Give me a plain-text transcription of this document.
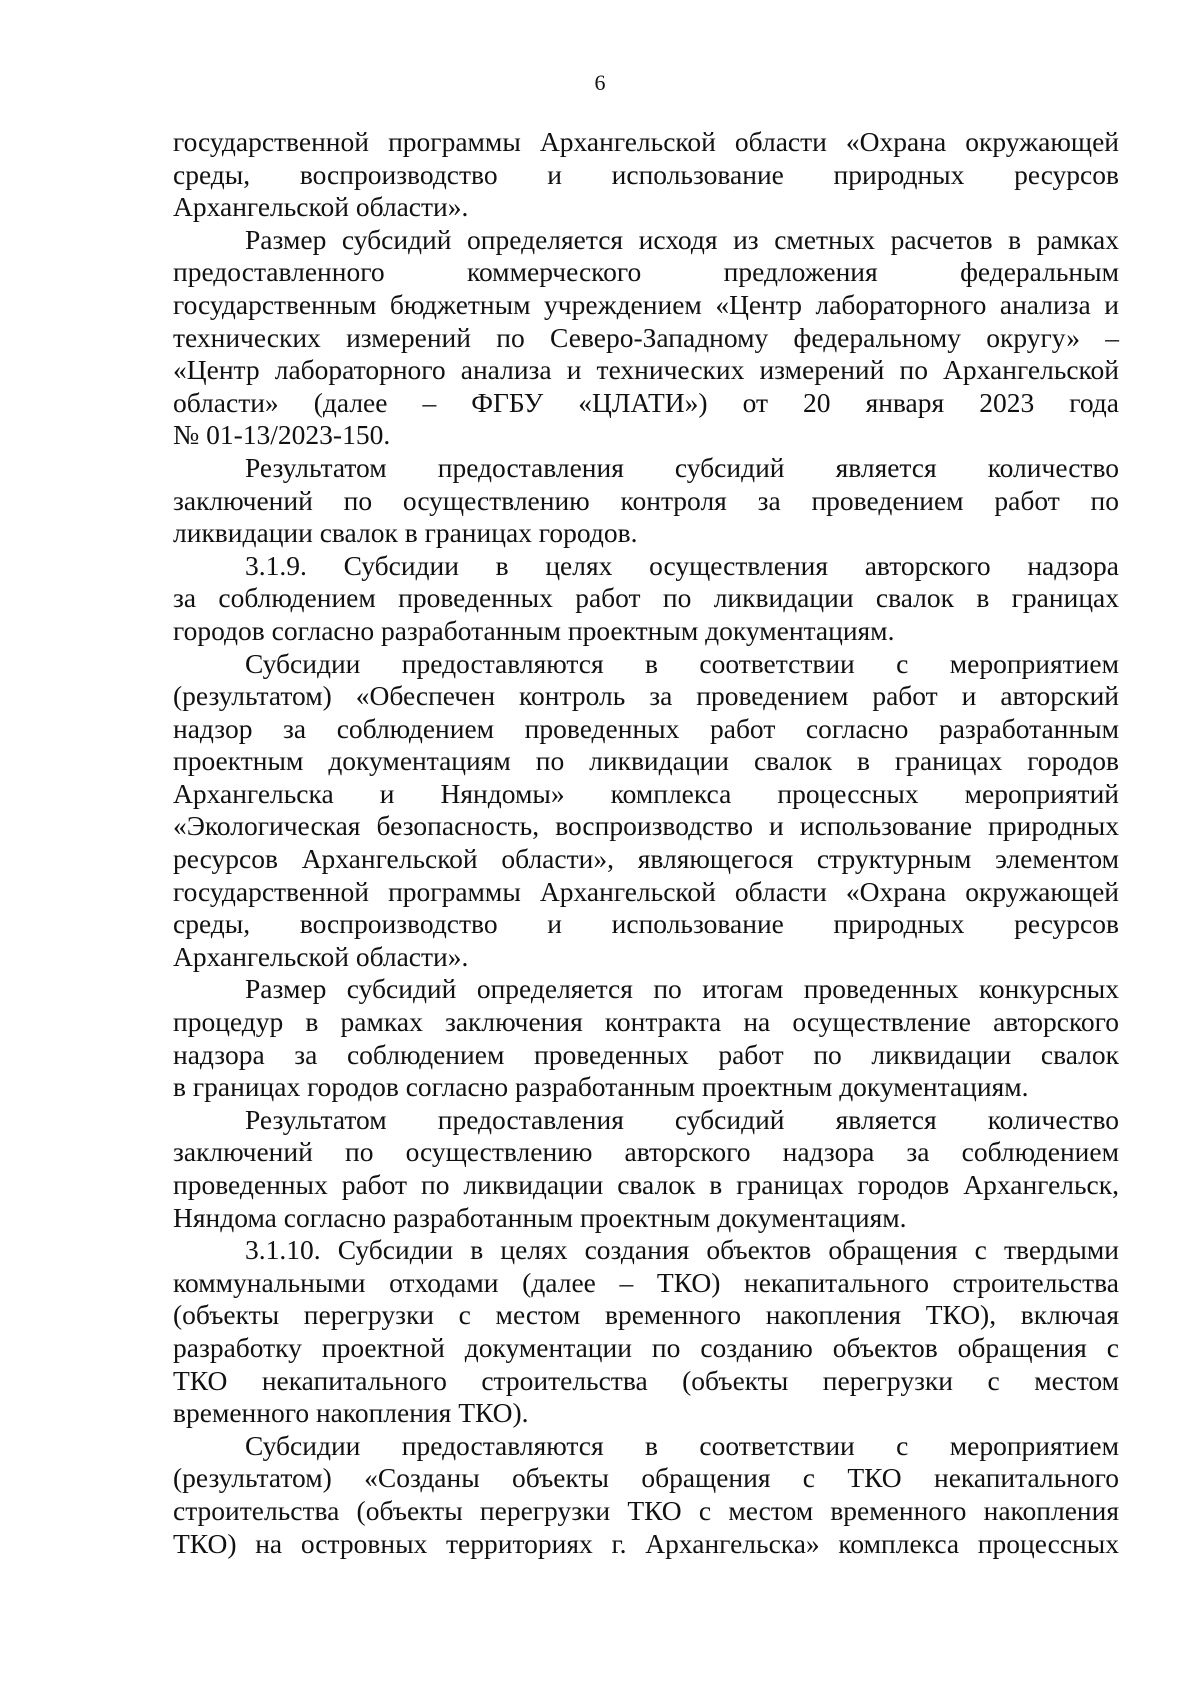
6
государственной программы Архангельской области «Охрана окружающей
среды, воспроизводство и использование природных ресурсов
Архангельской области».
Размер субсидий определяется исходя из сметных расчетов в рамках
предоставленного коммерческого предложения федеральным
государственным бюджетным учреждением «Центр лабораторного анализа и
технических измерений по Северо-Западному федеральному округу» –
«Центр лабораторного анализа и технических измерений по Архангельской
области» (далее – ФГБУ «ЦЛАТИ») от 20 января 2023 года
№ 01-13/2023-150.
Результатом предоставления субсидий является количество
заключений по осуществлению контроля за проведением работ по
ликвидации свалок в границах городов.
3.1.9. Субсидии в целях осуществления авторского надзора
за соблюдением проведенных работ по ликвидации свалок в границах
городов согласно разработанным проектным документациям.
Субсидии предоставляются в соответствии с мероприятием
(результатом) «Обеспечен контроль за проведением работ и авторский
надзор за соблюдением проведенных работ согласно разработанным
проектным документациям по ликвидации свалок в границах городов
Архангельска и Няндомы» комплекса процессных мероприятий
«Экологическая безопасность, воспроизводство и использование природных
ресурсов Архангельской области», являющегося структурным элементом
государственной программы Архангельской области «Охрана окружающей
среды, воспроизводство и использование природных ресурсов
Архангельской области».
Размер субсидий определяется по итогам проведенных конкурсных
процедур в рамках заключения контракта на осуществление авторского
надзора за соблюдением проведенных работ по ликвидации свалок
в границах городов согласно разработанным проектным документациям.
Результатом предоставления субсидий является количество
заключений по осуществлению авторского надзора за соблюдением
проведенных работ по ликвидации свалок в границах городов Архангельск,
Няндома согласно разработанным проектным документациям.
3.1.10. Субсидии в целях создания объектов обращения с твердыми
коммунальными отходами (далее – ТКО) некапитального строительства
(объекты перегрузки с местом временного накопления ТКО), включая
разработку проектной документации по созданию объектов обращения с
ТКО некапитального строительства (объекты перегрузки с местом
временного накопления ТКО).
Субсидии предоставляются в соответствии с мероприятием
(результатом) «Созданы объекты обращения с ТКО некапитального
строительства (объекты перегрузки ТКО с местом временного накопления
ТКО) на островных территориях г. Архангельска» комплекса процессных
